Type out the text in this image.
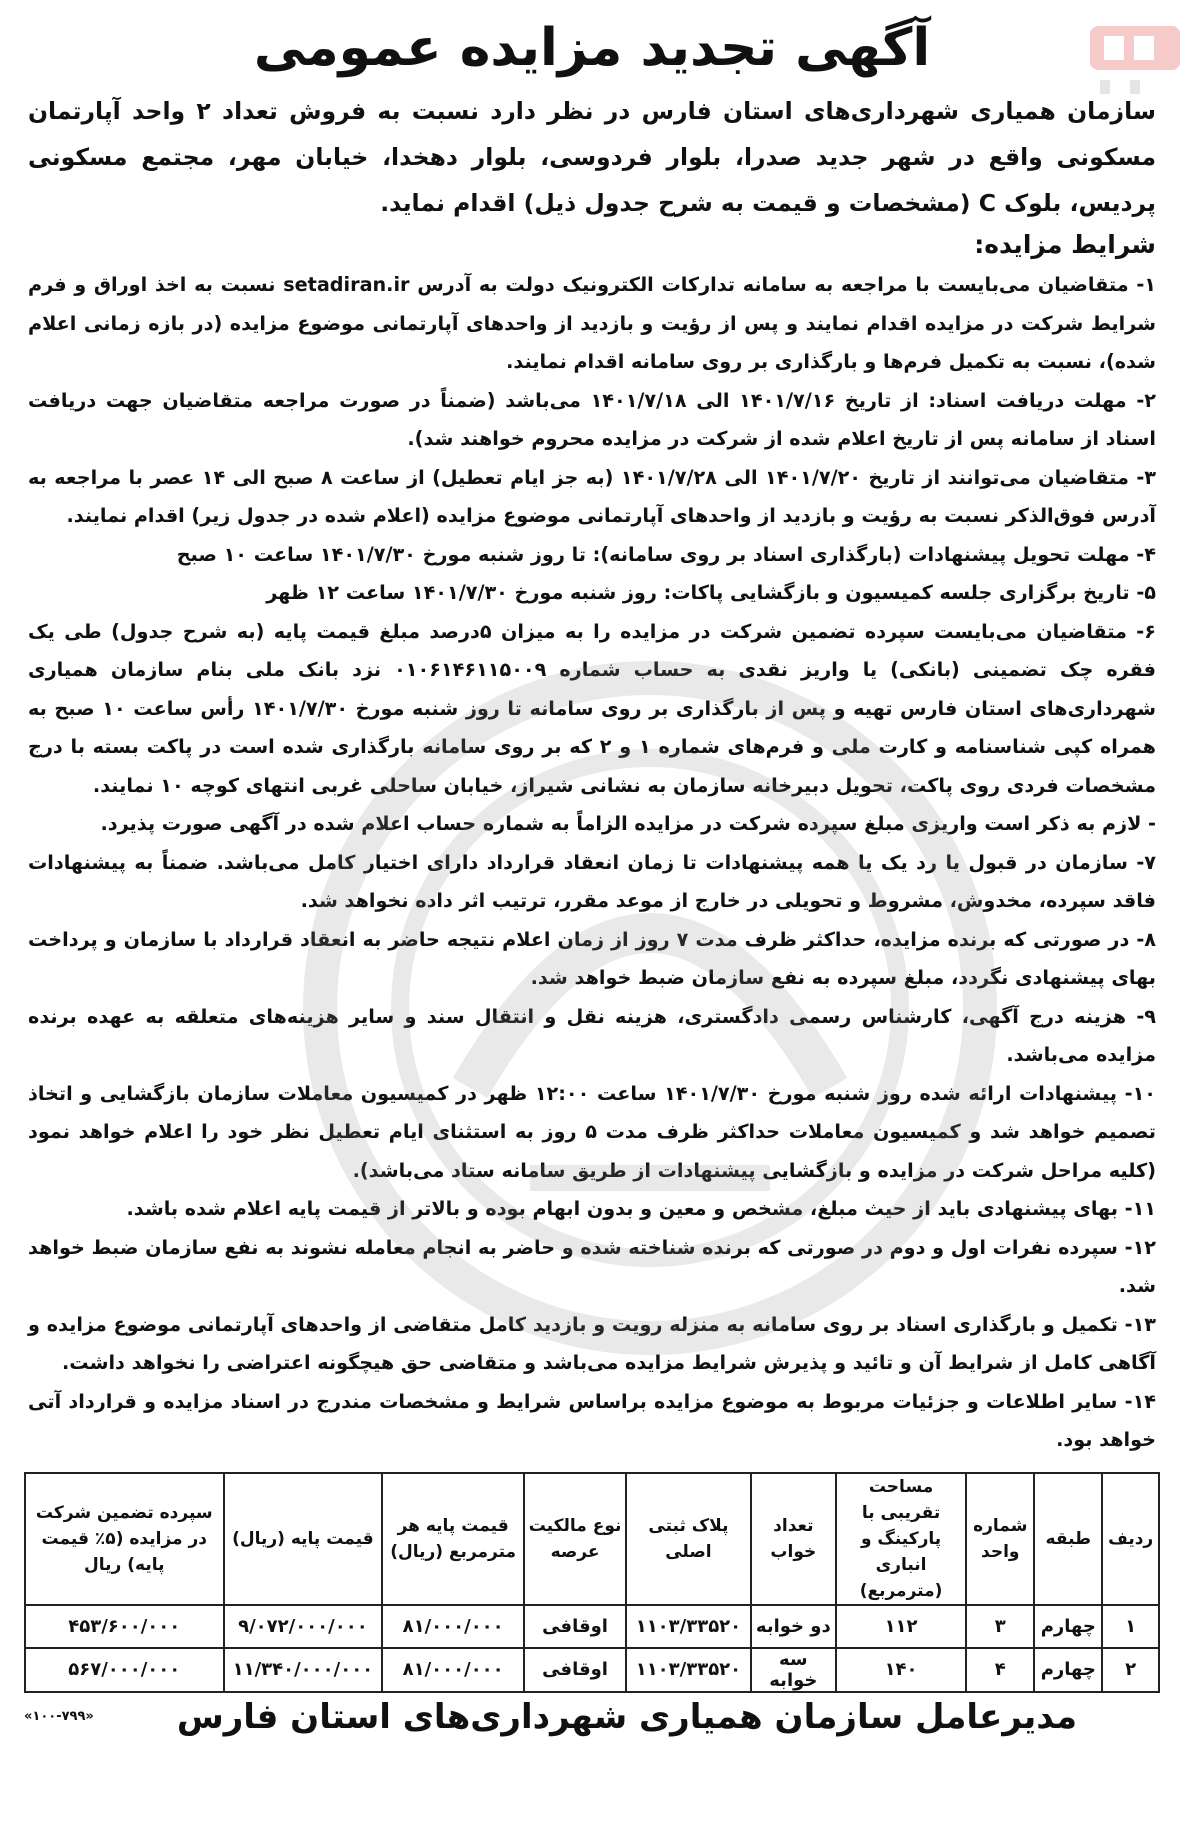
آگهی تجدید مزایده عمومی

سازمان همیاری شهرداری‌های استان فارس در نظر دارد نسبت به فروش تعداد ۲ واحد آپارتمان مسکونی واقع در شهر جدید صدرا، بلوار فردوسی، بلوار دهخدا، خیابان مهر، مجتمع مسکونی پردیس، بلوک C (مشخصات و قیمت به شرح جدول ذیل) اقدام نماید.

شرایط مزایده:

۱- متقاضیان می‌بایست با مراجعه به سامانه تدارکات الکترونیک دولت به آدرس setadiran.ir نسبت به اخذ اوراق و فرم شرایط شرکت در مزایده اقدام نمایند و پس از رؤیت و بازدید از واحدهای آپارتمانی موضوع مزایده (در بازه زمانی اعلام شده)، نسبت به تکمیل فرم‌ها و بارگذاری بر روی سامانه اقدام نمایند.

۲- مهلت دریافت اسناد: از تاریخ ۱۴۰۱/۷/۱۶ الی ۱۴۰۱/۷/۱۸ می‌باشد (ضمناً در صورت مراجعه متقاضیان جهت دریافت اسناد از سامانه پس از تاریخ اعلام شده از شرکت در مزایده محروم خواهند شد).

۳- متقاضیان می‌توانند از تاریخ ۱۴۰۱/۷/۲۰ الی ۱۴۰۱/۷/۲۸ (به جز ایام تعطیل) از ساعت ۸ صبح الی ۱۴ عصر با مراجعه به آدرس فوق‌الذکر نسبت به رؤیت و بازدید از واحدهای آپارتمانی موضوع مزایده (اعلام شده در جدول زیر) اقدام نمایند.

۴- مهلت تحویل پیشنهادات (بارگذاری اسناد بر روی سامانه): تا روز شنبه مورخ ۱۴۰۱/۷/۳۰ ساعت ۱۰ صبح

۵- تاریخ برگزاری جلسه کمیسیون و بازگشایی پاکات: روز شنبه مورخ ۱۴۰۱/۷/۳۰ ساعت ۱۲ ظهر

۶- متقاضیان می‌بایست سپرده تضمین شرکت در مزایده را به میزان ۵درصد مبلغ قیمت پایه (به شرح جدول) طی یک فقره چک تضمینی (بانکی) یا واریز نقدی به حساب شماره ۰۱۰۶۱۴۶۱۱۵۰۰۹ نزد بانک ملی بنام سازمان همیاری شهرداری‌های استان فارس تهیه و پس از بارگذاری بر روی سامانه تا روز شنبه مورخ ۱۴۰۱/۷/۳۰ رأس ساعت ۱۰ صبح به همراه کپی شناسنامه و کارت ملی و فرم‌های شماره ۱ و ۲ که بر روی سامانه بارگذاری شده است در پاکت بسته با درج مشخصات فردی روی پاکت، تحویل دبیرخانه سازمان به نشانی شیراز، خیابان ساحلی غربی انتهای کوچه ۱۰ نمایند.

- لازم به ذکر است واریزی مبلغ سپرده شرکت در مزایده الزاماً به شماره حساب اعلام شده در آگهی صورت پذیرد.

۷- سازمان در قبول یا رد یک یا همه پیشنهادات تا زمان انعقاد قرارداد دارای اختیار کامل می‌باشد. ضمناً به پیشنهادات فاقد سپرده، مخدوش، مشروط و تحویلی در خارج از موعد مقرر، ترتیب اثر داده نخواهد شد.

۸- در صورتی که برنده مزایده، حداکثر ظرف مدت ۷ روز از زمان اعلام نتیجه حاضر به انعقاد قرارداد با سازمان و پرداخت بهای پیشنهادی نگردد، مبلغ سپرده به نفع سازمان ضبط خواهد شد.

۹- هزینه درج آگهی، کارشناس رسمی دادگستری، هزینه نقل و انتقال سند و سایر هزینه‌های متعلقه به عهده برنده مزایده می‌باشد.

۱۰- پیشنهادات ارائه شده روز شنبه مورخ ۱۴۰۱/۷/۳۰ ساعت ۱۲:۰۰ ظهر در کمیسیون معاملات سازمان بازگشایی و اتخاذ تصمیم خواهد شد و کمیسیون معاملات حداکثر ظرف مدت ۵ روز به استثنای ایام تعطیل نظر خود را اعلام خواهد نمود (کلیه مراحل شرکت در مزایده و بازگشایی پیشنهادات از طریق سامانه ستاد می‌باشد).

۱۱- بهای پیشنهادی باید از حیث مبلغ، مشخص و معین و بدون ابهام بوده و بالاتر از قیمت پایه اعلام شده باشد.

۱۲- سپرده نفرات اول و دوم در صورتی که برنده شناخته شده و حاضر به انجام معامله نشوند به نفع سازمان ضبط خواهد شد.

۱۳- تکمیل و بارگذاری اسناد بر روی سامانه به منزله رویت و بازدید کامل متقاضی از واحدهای آپارتمانی موضوع مزایده و آگاهی کامل از شرایط آن و تائید و پذیرش شرایط مزایده می‌باشد و متقاضی حق هیچگونه اعتراضی را نخواهد داشت.

۱۴- سایر اطلاعات و جزئیات مربوط به موضوع مزایده براساس شرایط و مشخصات مندرج در اسناد مزایده و قرارداد آتی خواهد بود.

ردیف	طبقه	شماره واحد	مساحت تقریبی با پارکینگ و انباری (مترمربع)	تعداد خواب	پلاک ثبتی اصلی	نوع مالکیت عرصه	قیمت پایه هر مترمربع (ریال)	قیمت پایه (ریال)	سپرده تضمین شرکت در مزایده (۵٪ قیمت پایه) ریال
۱	چهارم	۳	۱۱۲	دو خوابه	۱۱۰۳/۳۳۵۲۰	اوقافی	۸۱/۰۰۰/۰۰۰	۹/۰۷۲/۰۰۰/۰۰۰	۴۵۳/۶۰۰/۰۰۰
۲	چهارم	۴	۱۴۰	سه خوابه	۱۱۰۳/۳۳۵۲۰	اوقافی	۸۱/۰۰۰/۰۰۰	۱۱/۳۴۰/۰۰۰/۰۰۰	۵۶۷/۰۰۰/۰۰۰
مدیرعامل سازمان همیاری شهرداری‌های استان فارس
«۱۰۰-۷۹۹»
